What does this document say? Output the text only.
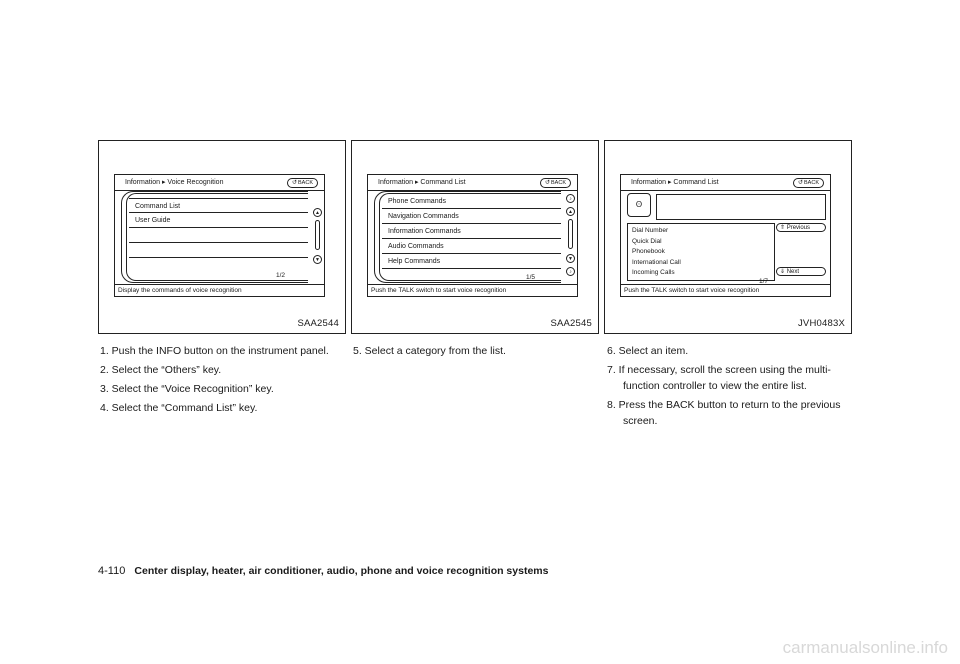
Information ▸ Voice Recognition	↺BACK
Command List
User Guide
1/2
▲
▼
Display the commands of voice recognition
SAA2544
Information ▸ Command List	↺BACK
Phone Commands
Navigation Commands
Information Commands
Audio Commands
Help Commands
1/5
♪
▲
▼
♪
Push the TALK switch to start voice recognition
SAA2545
Information ▸ Command List	↺BACK
ʘ
Dial Number
Quick Dial
Phonebook
International Call
Incoming Calls
⇑ Previous
⇓ Next
1/7
Push the TALK switch to start voice recognition
JVH0483X
1. Push the INFO button on the instrument panel.
2. Select the “Others” key.
3. Select the “Voice Recognition” key.
4. Select the “Command List” key.
5. Select a category from the list.	6. Select an item.
7. If necessary, scroll the screen using the multi-function controller to view the entire list.
8. Press the BACK button to return to the previous screen.
4-110 Center display, heater, air conditioner, audio, phone and voice recognition systems
carmanualsonline.info
